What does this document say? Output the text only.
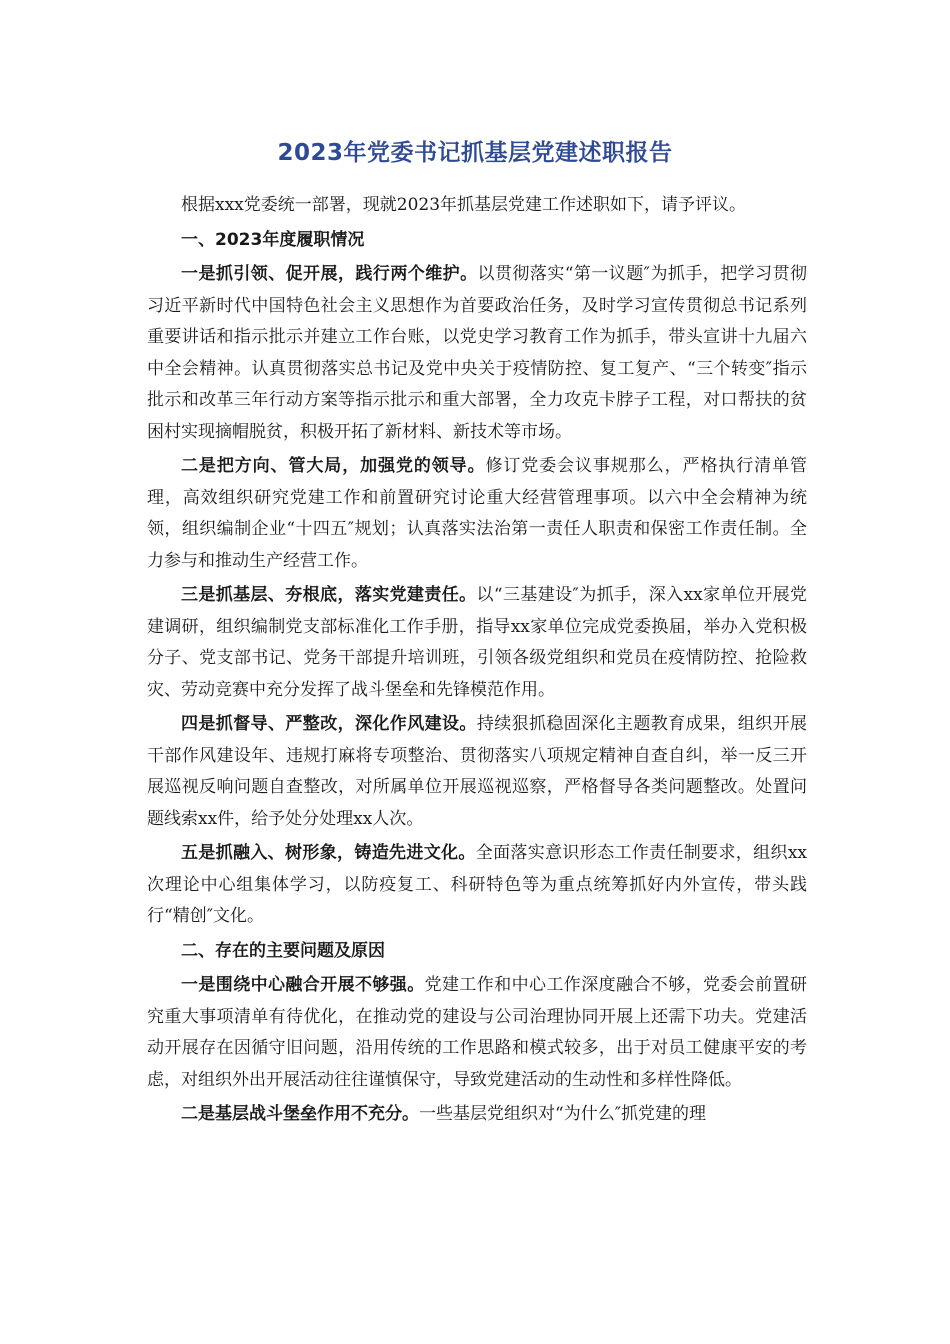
2023年党委书记抓基层党建述职报告

根据xxx党委统一部署，现就2023年抓基层党建工作述职如下，请予评议。

一、2023年度履职情况

一是抓引领、促开展，践行两个维护。以贯彻落实“第一议题″为抓手，把学习贯彻习近平新时代中国特色社会主义思想作为首要政治任务，及时学习宣传贯彻总书记系列重要讲话和指示批示并建立工作台账，以党史学习教育工作为抓手，带头宣讲十九届六中全会精神。认真贯彻落实总书记及党中央关于疫情防控、复工复产、“三个转变″指示批示和改革三年行动方案等指示批示和重大部署，全力攻克卡脖子工程，对口帮扶的贫困村实现摘帽脱贫，积极开拓了新材料、新技术等市场。

二是把方向、管大局，加强党的领导。修订党委会议事规那么，严格执行清单管理，高效组织研究党建工作和前置研究讨论重大经营管理事项。以六中全会精神为统领，组织编制企业“十四五″规划；认真落实法治第一责任人职责和保密工作责任制。全力参与和推动生产经营工作。

三是抓基层、夯根底，落实党建责任。以“三基建设″为抓手，深入xx家单位开展党建调研，组织编制党支部标准化工作手册，指导xx家单位完成党委换届，举办入党积极分子、党支部书记、党务干部提升培训班，引领各级党组织和党员在疫情防控、抢险救灾、劳动竞赛中充分发挥了战斗堡垒和先锋模范作用。

四是抓督导、严整改，深化作风建设。持续狠抓稳固深化主题教育成果，组织开展干部作风建设年、违规打麻将专项整治、贯彻落实八项规定精神自查自纠，举一反三开展巡视反响问题自查整改，对所属单位开展巡视巡察，严格督导各类问题整改。处置问题线索xx件，给予处分处理xx人次。

五是抓融入、树形象，铸造先进文化。全面落实意识形态工作责任制要求，组织xx次理论中心组集体学习，以防疫复工、科研特色等为重点统筹抓好内外宣传，带头践行“精创″文化。

二、存在的主要问题及原因

一是围绕中心融合开展不够强。党建工作和中心工作深度融合不够，党委会前置研究重大事项清单有待优化，在推动党的建设与公司治理协同开展上还需下功夫。党建活动开展存在因循守旧问题，沿用传统的工作思路和模式较多，出于对员工健康平安的考虑，对组织外出开展活动往往谨慎保守，导致党建活动的生动性和多样性降低。

二是基层战斗堡垒作用不充分。一些基层党组织对“为什么″抓党建的理
